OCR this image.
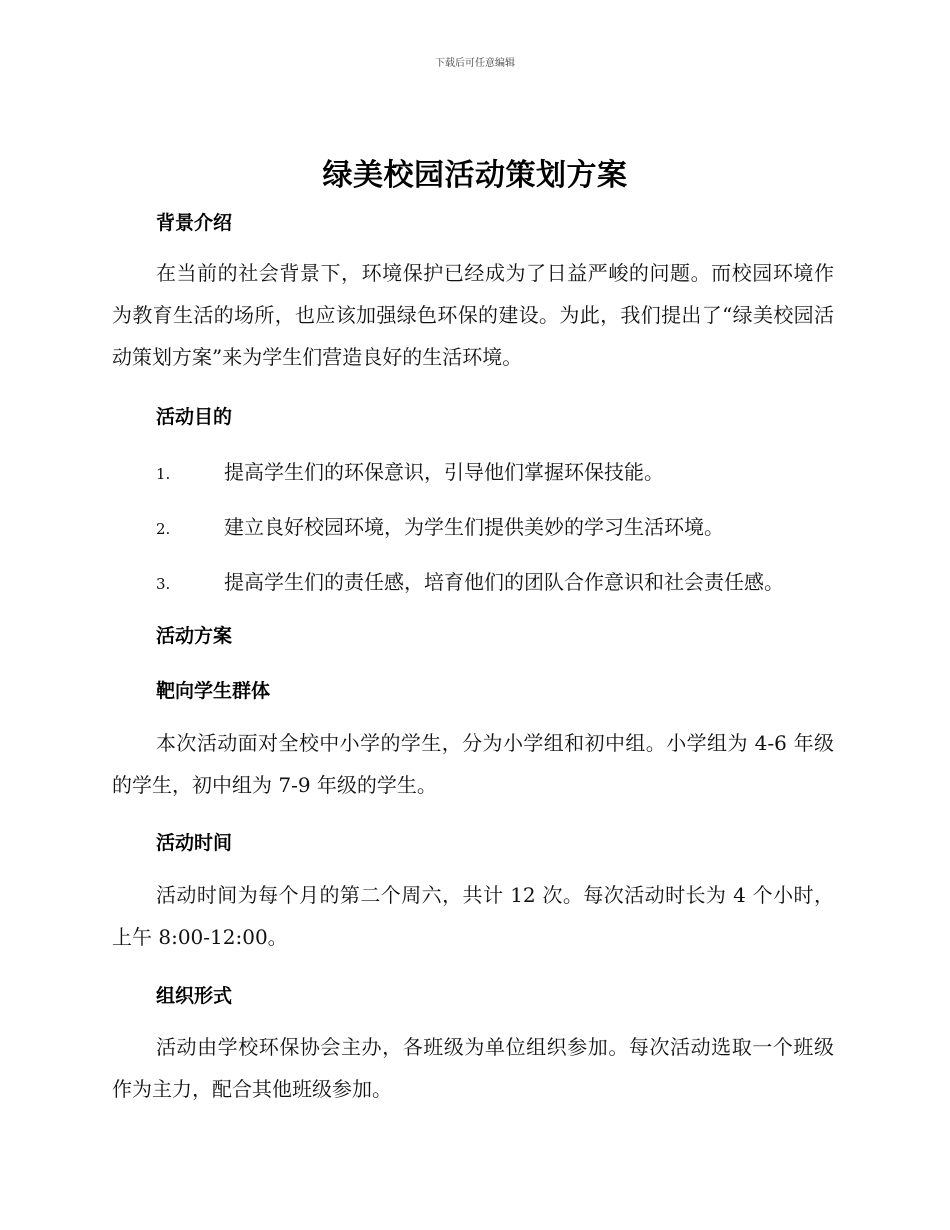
下载后可任意编辑
绿美校园活动策划方案
背景介绍
在当前的社会背景下，环境保护已经成为了日益严峻的问题。而校园环境作为教育生活的场所，也应该加强绿色环保的建设。为此，我们提出了“绿美校园活动策划方案”来为学生们营造良好的生活环境。
活动目的
1.	提高学生们的环保意识，引导他们掌握环保技能。
2.	建立良好校园环境，为学生们提供美妙的学习生活环境。
3.	提高学生们的责任感，培育他们的团队合作意识和社会责任感。
活动方案
靶向学生群体
本次活动面对全校中小学的学生，分为小学组和初中组。小学组为 4-6 年级的学生，初中组为 7-9 年级的学生。
活动时间
活动时间为每个月的第二个周六，共计 12 次。每次活动时长为 4 个小时，上午 8:00-12:00。
组织形式
活动由学校环保协会主办，各班级为单位组织参加。每次活动选取一个班级作为主力，配合其他班级参加。
